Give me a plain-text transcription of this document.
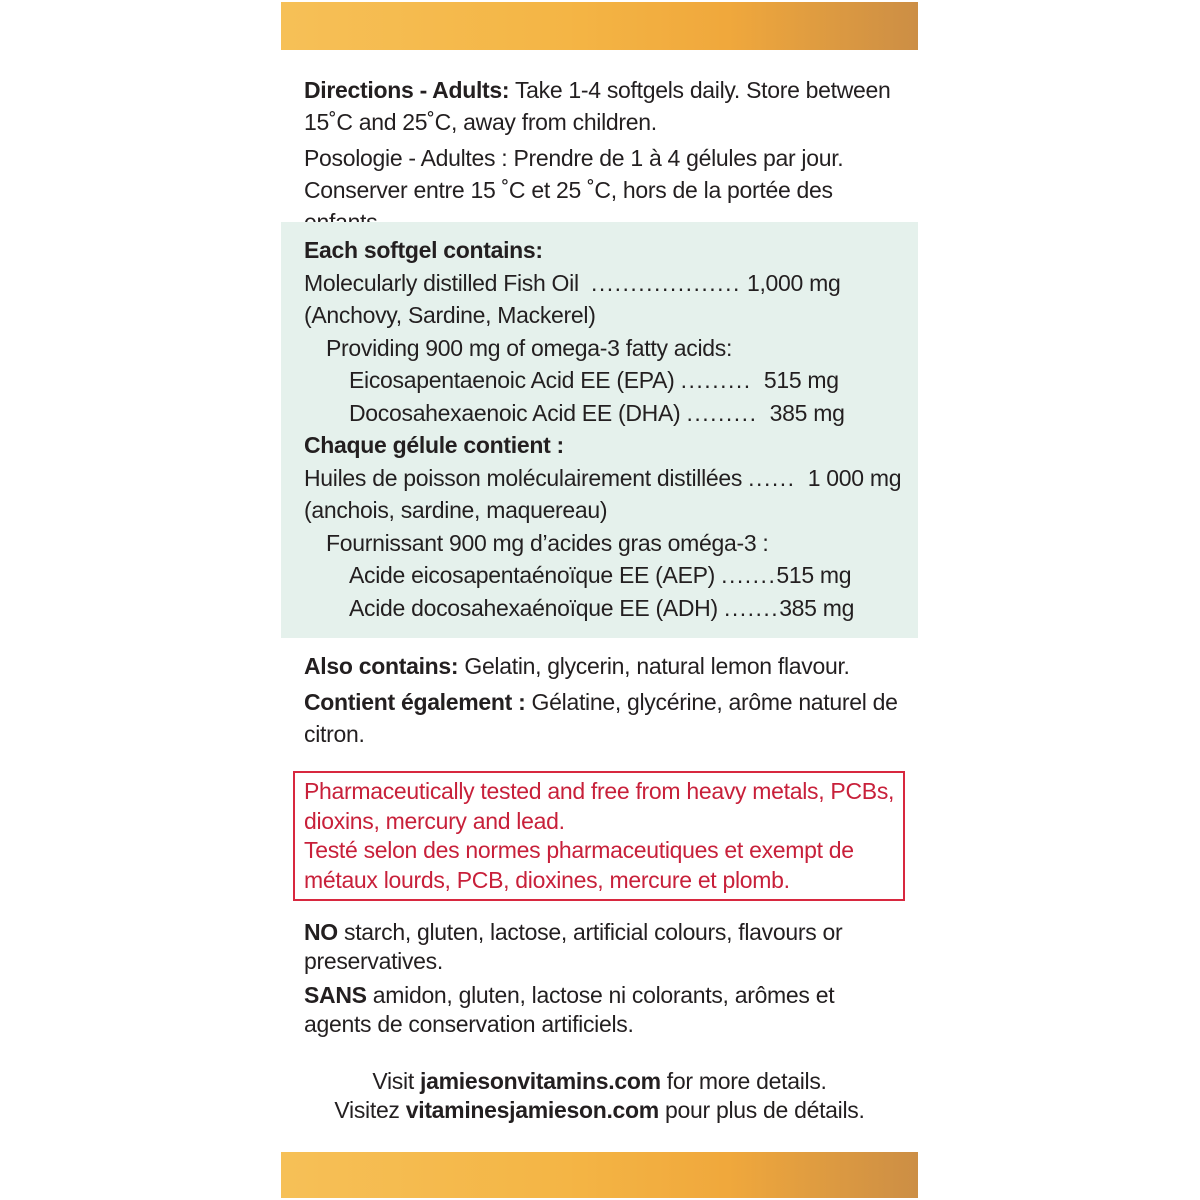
Directions - Adults: Take 1-4 softgels daily. Store between 15˚C and 25˚C, away from children.

Posologie - Adultes : Prendre de 1 à 4 gélules par jour. Conserver entre 15 ˚C et 25 ˚C, hors de la portée des

Each softgel contains:
Molecularly distilled Fish Oil ................... 1,000 mg
(Anchovy, Sardine, Mackerel)
Providing 900 mg of omega-3 fatty acids:
Eicosapentaenoic Acid EE (EPA) ......... 515 mg
Docosahexaenoic Acid EE (DHA) ......... 385 mg
Chaque gélule contient :
Huiles de poisson moléculairement distillées ...... 1 000 mg
(anchois, sardine, maquereau)
Fournissant 900 mg d’acides gras oméga-3 :
Acide eicosapentaénoïque EE (AEP) .......515 mg
Acide docosahexaénoïque EE (ADH) .......385 mg

Also contains: Gelatin, glycerin, natural lemon flavour.

Contient également : Gélatine, glycérine, arôme naturel de citron.

Pharmaceutically tested and free from heavy metals, PCBs, dioxins, mercury and lead.

Testé selon des normes pharmaceutiques et exempt de métaux lourds, PCB, dioxines, mercure et plomb.

NO starch, gluten, lactose, artificial colours, flavours or preservatives.

SANS amidon, gluten, lactose ni colorants, arômes et agents de conservation artificiels.

Visit jamiesonvitamins.com for more details.

Visitez vitaminesjamieson.com pour plus de détails.
